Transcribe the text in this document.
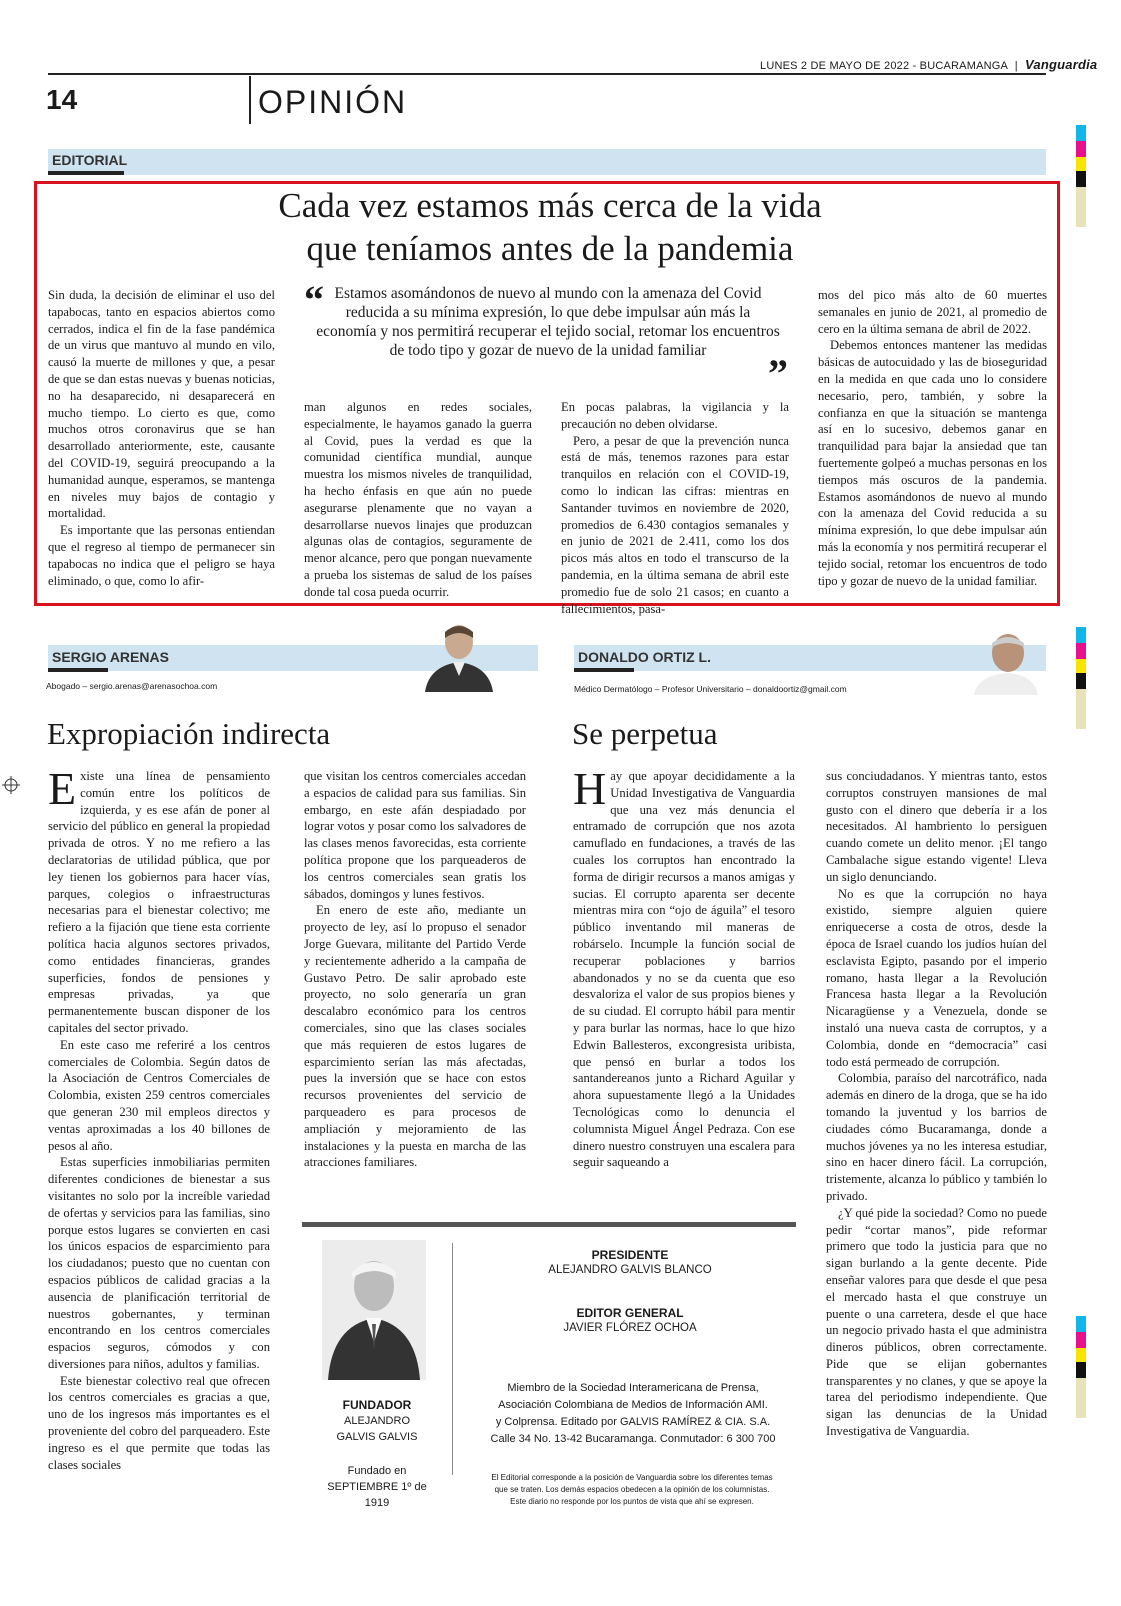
LUNES 2 DE MAYO DE 2022 - BUCARAMANGA | Vanguardia
14	OPINIÓN
EDITORIAL
Cada vez estamos más cerca de la vida
que teníamos antes de la pandemia

Sin duda, la decisión de eliminar el uso del tapabocas, tanto en espacios abiertos como cerrados, indica el fin de la fase pandémica de un virus que mantuvo al mundo en vilo, causó la muerte de millones y que, a pesar de que se dan estas nuevas y buenas noticias, no ha desaparecido, ni desaparecerá en mucho tiempo. Lo cierto es que, como muchos otros coronavirus que se han desarrollado anteriormente, este, causante del COVID-19, seguirá preocupando a la humanidad aunque, esperamos, se mantenga en niveles muy bajos de contagio y mortalidad.

Es importante que las personas entiendan que el regreso al tiempo de permanecer sin tapabocas no indica que el peligro se haya eliminado, o que, como lo afir-

“ Estamos asomándonos de nuevo al mundo con la amenaza del Covid reducida a su mínima expresión, lo que debe impulsar aún más la economía y nos permitirá recuperar el tejido social, retomar los encuentros de todo tipo y gozar de nuevo de la unidad familiar
”

man algunos en redes sociales, especialmente, le hayamos ganado la guerra al Covid, pues la verdad es que la comunidad científica mundial, aunque muestra los mismos niveles de tranquilidad, ha hecho énfasis en que aún no puede asegurarse plenamente que no vayan a desarrollarse nuevos linajes que produzcan algunas olas de contagios, seguramente de menor alcance, pero que pongan nuevamente a prueba los sistemas de salud de los países donde tal cosa pueda ocurrir.

En pocas palabras, la vigilancia y la precaución no deben olvidarse.

Pero, a pesar de que la prevención nunca está de más, tenemos razones para estar tranquilos en relación con el COVID-19, como lo indican las cifras: mientras en Santander tuvimos en noviembre de 2020, promedios de 6.430 contagios semanales y en junio de 2021 de 2.411, como los dos picos más altos en todo el transcurso de la pandemia, en la última semana de abril este promedio fue de solo 21 casos; en cuanto a fallecimientos, pasa-

mos del pico más alto de 60 muertes semanales en junio de 2021, al promedio de cero en la última semana de abril de 2022.

Debemos entonces mantener las medidas básicas de autocuidado y las de bioseguridad en la medida en que cada uno lo considere necesario, pero, también, y sobre la confianza en que la situación se mantenga así en lo sucesivo, debemos ganar en tranquilidad para bajar la ansiedad que tan fuertemente golpeó a muchas personas en los tiempos más oscuros de la pandemia. Estamos asomándonos de nuevo al mundo con la amenaza del Covid reducida a su mínima expresión, lo que debe impulsar aún más la economía y nos permitirá recuperar el tejido social, retomar los encuentros de todo tipo y gozar de nuevo de la unidad familiar.

SERGIO ARENAS
Abogado – sergio.arenas@arenasochoa.com
DONALDO ORTIZ L.
Médico Dermatólogo – Profesor Universitario – donaldoortiz@gmail.com
Expropiación indirecta

Existe una línea de pensamiento común entre los políticos de izquierda, y es ese afán de poner al servicio del público en general la propiedad privada de otros. Y no me refiero a las declaratorias de utilidad pública, que por ley tienen los gobiernos para hacer vías, parques, colegios o infraestructuras necesarias para el bienestar colectivo; me refiero a la fijación que tiene esta corriente política hacia algunos sectores privados, como entidades financieras, grandes superficies, fondos de pensiones y empresas privadas, ya que permanentemente buscan disponer de los capitales del sector privado.

En este caso me referiré a los centros comerciales de Colombia. Según datos de la Asociación de Centros Comerciales de Colombia, existen 259 centros comerciales que generan 230 mil empleos directos y ventas aproximadas a los 40 billones de pesos al año.

Estas superficies inmobiliarias permiten diferentes condiciones de bienestar a sus visitantes no solo por la increíble variedad de ofertas y servicios para las familias, sino porque estos lugares se convierten en casi los únicos espacios de esparcimiento para los ciudadanos; puesto que no cuentan con espacios públicos de calidad gracias a la ausencia de planificación territorial de nuestros gobernantes, y terminan encontrando en los centros comerciales espacios seguros, cómodos y con diversiones para niños, adultos y familias.

Este bienestar colectivo real que ofrecen los centros comerciales es gracias a que, uno de los ingresos más importantes es el proveniente del cobro del parqueadero. Este ingreso es el que permite que todas las clases sociales

que visitan los centros comerciales accedan a espacios de calidad para sus familias. Sin embargo, en este afán despiadado por lograr votos y posar como los salvadores de las clases menos favorecidas, esta corriente política propone que los parqueaderos de los centros comerciales sean gratis los sábados, domingos y lunes festivos.

En enero de este año, mediante un proyecto de ley, así lo propuso el senador Jorge Guevara, militante del Partido Verde y recientemente adherido a la campaña de Gustavo Petro. De salir aprobado este proyecto, no solo generaría un gran descalabro económico para los centros comerciales, sino que las clases sociales que más requieren de estos lugares de esparcimiento serían las más afectadas, pues la inversión que se hace con estos recursos provenientes del servicio de parqueadero es para procesos de ampliación y mejoramiento de las instalaciones y la puesta en marcha de las atracciones familiares.

Se perpetua

Hay que apoyar decididamente a la Unidad Investigativa de Vanguardia que una vez más denuncia el entramado de corrupción que nos azota camuflado en fundaciones, a través de las cuales los corruptos han encontrado la forma de dirigir recursos a manos amigas y sucias. El corrupto aparenta ser decente mientras mira con “ojo de águila” el tesoro público inventando mil maneras de robárselo. Incumple la función social de recuperar poblaciones y barrios abandonados y no se da cuenta que eso desvaloriza el valor de sus propios bienes y de su ciudad. El corrupto hábil para mentir y para burlar las normas, hace lo que hizo Edwin Ballesteros, excongresista uribista, que pensó en burlar a todos los santandereanos junto a Richard Aguilar y ahora supuestamente llegó a la Unidades Tecnológicas como lo denuncia el columnista Miguel Ángel Pedraza. Con ese dinero nuestro construyen una escalera para seguir saqueando a

sus conciudadanos. Y mientras tanto, estos corruptos construyen mansiones de mal gusto con el dinero que debería ir a los necesitados. Al hambriento lo persiguen cuando comete un delito menor. ¡El tango Cambalache sigue estando vigente! Lleva un siglo denunciando.

No es que la corrupción no haya existido, siempre alguien quiere enriquecerse a costa de otros, desde la época de Israel cuando los judíos huían del esclavista Egipto, pasando por el imperio romano, hasta llegar a la Revolución Francesa hasta llegar a la Revolución Nicaragüense y a Venezuela, donde se instaló una nueva casta de corruptos, y a Colombia, donde en “democracia” casi todo está permeado de corrupción.

Colombia, paraíso del narcotráfico, nada además en dinero de la droga, que se ha ido tomando la juventud y los barrios de ciudades cómo Bucaramanga, donde a muchos jóvenes ya no les interesa estudiar, sino en hacer dinero fácil. La corrupción, tristemente, alcanza lo público y también lo privado.

¿Y qué pide la sociedad? Como no puede pedir “cortar manos”, pide reformar primero que todo la justicia para que no sigan burlando a la gente decente. Pide enseñar valores para que desde el que pesa el mercado hasta el que construye un puente o una carretera, desde el que hace un negocio privado hasta el que administra dineros públicos, obren correctamente. Pide que se elijan gobernantes transparentes y no clanes, y que se apoye la tarea del periodismo independiente. Que sigan las denuncias de la Unidad Investigativa de Vanguardia.

FUNDADOR
ALEJANDRO
GALVIS GALVIS
Fundado en
SEPTIEMBRE 1º de 1919
PRESIDENTE
ALEJANDRO GALVIS BLANCO
EDITOR GENERAL
JAVIER FLÓREZ OCHOA
Miembro de la Sociedad Interamericana de Prensa,
Asociación Colombiana de Medios de Información AMI.
y Colprensa. Editado por GALVIS RAMÍREZ & CIA. S.A.
Calle 34 No. 13-42 Bucaramanga. Conmutador: 6 300 700
El Editorial corresponde a la posición de Vanguardia sobre los diferentes temas
que se traten. Los demás espacios obedecen a la opinión de los columnistas.
Este diario no responde por los puntos de vista que ahí se expresen.
